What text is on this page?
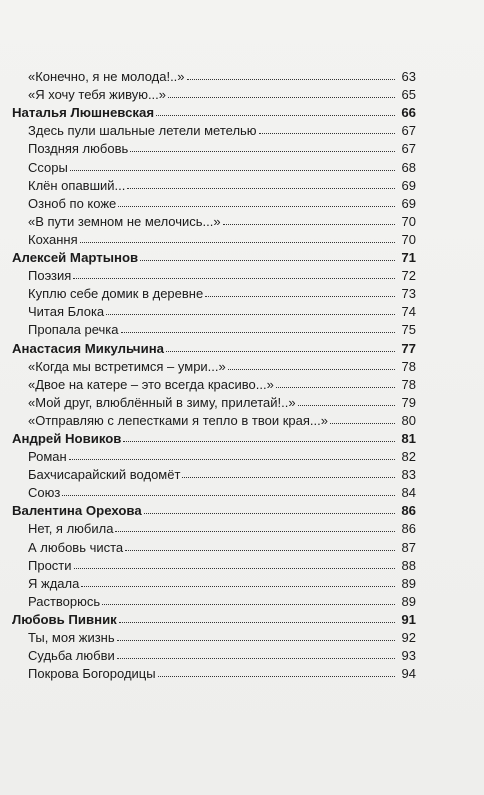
«Конечно, я не молода!..»	63
«Я хочу тебя живую...»	65
Наталья Люшневская	66
Здесь пули шальные летели метелью	67
Поздняя любовь	67
Ссоры	68
Клён опавший...	69
Озноб по коже	69
«В пути земном не мелочись...»	70
Кохання	70
Алексей Мартынов	71
Поэзия	72
Куплю себе домик в деревне	73
Читая Блока	74
Пропала речка	75
Анастасия Микульчина	77
«Когда мы встретимся – умри...»	78
«Двое на катере – это всегда красиво...»	78
«Мой друг, влюблённый в зиму, прилетай!..»	79
«Отправляю с лепестками я тепло в твои края...»	80
Андрей Новиков	81
Роман	82
Бахчисарайский водомёт	83
Союз	84
Валентина Орехова	86
Нет, я любила	86
А любовь чиста	87
Прости	88
Я ждала	89
Растворюсь	89
Любовь Пивник	91
Ты, моя жизнь	92
Судьба любви	93
Покрова Богородицы	94
